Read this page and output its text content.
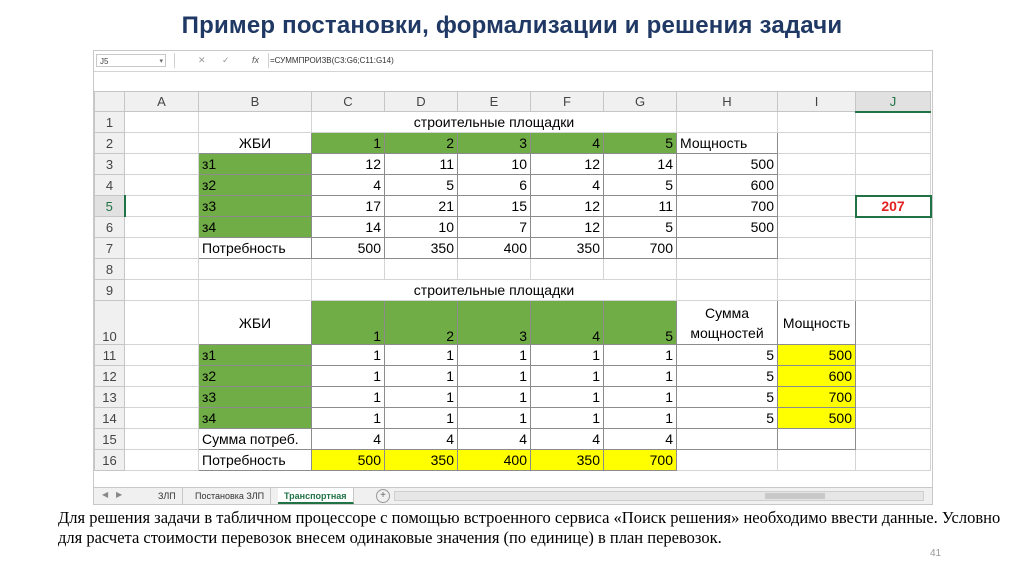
Пример постановки, формализации и решения задачи
J5	▾	✕ ✓ fx =СУММПРОИЗВ(C3:G6;C11:G14)
	A	B	C	D	E	F	G	H	I	J
1			строительные площадки							
2		ЖБИ	1	2	3	4	5	Мощность		
3		з1	12	11	10	12	14	500		
4		з2	4	5	6	4	5	600		
5		з3	17	21	15	12	11	700		207
6		з4	14	10	7	12	5	500		
7		Потребность	500	350	400	350	700			
8										
9			строительные площадки							
10		ЖБИ	1	2	3	4	5	Сумма мощностей	Мощность	
11		з1	1	1	1	1	1	5	500	
12		з2	1	1	1	1	1	5	600	
13		з3	1	1	1	1	1	5	700	
14		з4	1	1	1	1	1	5	500	
15		Сумма потреб.	4	4	4	4	4			
16		Потребность	500	350	400	350	700			
◀ ▶	ЗЛП	Постановка ЗЛП	Транспортная	+
Для решения задачи в табличном процессоре с помощью встроенного сервиса «Поиск решения» необходимо ввести данные. Условно для расчета стоимости перевозок внесем одинаковые значения (по единице) в план перевозок.
41
